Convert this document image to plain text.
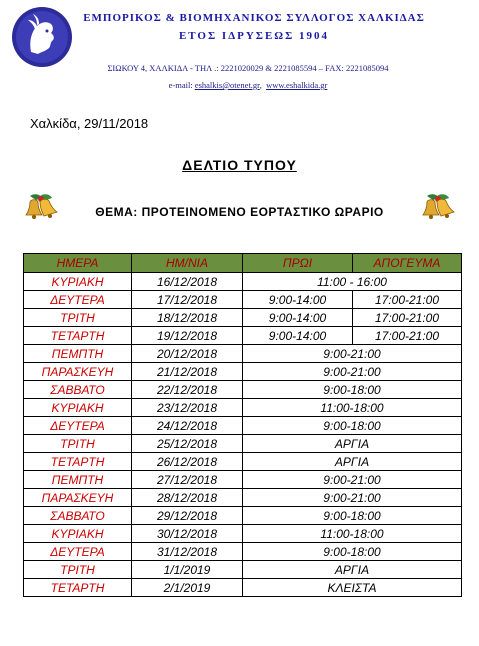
ΕΜΠΟΡΙΚΟΣ & ΒΙΟΜΗΧΑΝΙΚΟΣ ΣΥΛΛΟΓΟΣ ΧΑΛΚΙΔΑΣ
ΕΤΟΣ ΙΔΡΥΣΕΩΣ 1904
ΣΙΩΚΟΥ 4, ΧΑΛΚΙΔΑ - ΤΗΛ .: 2221020029 & 2221085594 – FAX: 2221085094
e-mail: eshalkis@otenet.gr,  www.eshalkida.gr
Χαλκίδα, 29/11/2018
ΔΕΛΤΙΟ ΤΥΠΟΥ
ΘΕΜΑ: ΠΡΟΤΕΙΝΟΜΕΝΟ ΕΟΡΤΑΣΤΙΚΟ ΩΡΑΡΙΟ
ΗΜΕΡΑ	ΗΜ/ΝΙΑ	ΠΡΩΙ	ΑΠΟΓΕΥΜΑ
ΚΥΡΙΑΚΗ	16/12/2018	11:00 - 16:00	
ΔΕΥΤΕΡΑ	17/12/2018	9:00-14:00	17:00-21:00
ΤΡΙΤΗ	18/12/2018	9:00-14:00	17:00-21:00
ΤΕΤΑΡΤΗ	19/12/2018	9:00-14:00	17:00-21:00
ΠΕΜΠΤΗ	20/12/2018	9:00-21:00	
ΠΑΡΑΣΚΕΥΗ	21/12/2018	9:00-21:00	
ΣΑΒΒΑΤΟ	22/12/2018	9:00-18:00	
ΚΥΡΙΑΚΗ	23/12/2018	11:00-18:00	
ΔΕΥΤΕΡΑ	24/12/2018	9:00-18:00	
ΤΡΙΤΗ	25/12/2018	ΑΡΓΙΑ	
ΤΕΤΑΡΤΗ	26/12/2018	ΑΡΓΙΑ	
ΠΕΜΠΤΗ	27/12/2018	9:00-21:00	
ΠΑΡΑΣΚΕΥΗ	28/12/2018	9:00-21:00	
ΣΑΒΒΑΤΟ	29/12/2018	9:00-18:00	
ΚΥΡΙΑΚΗ	30/12/2018	11:00-18:00	
ΔΕΥΤΕΡΑ	31/12/2018	9:00-18:00	
ΤΡΙΤΗ	1/1/2019	ΑΡΓΙΑ	
ΤΕΤΑΡΤΗ	2/1/2019	ΚΛΕΙΣΤΑ	
